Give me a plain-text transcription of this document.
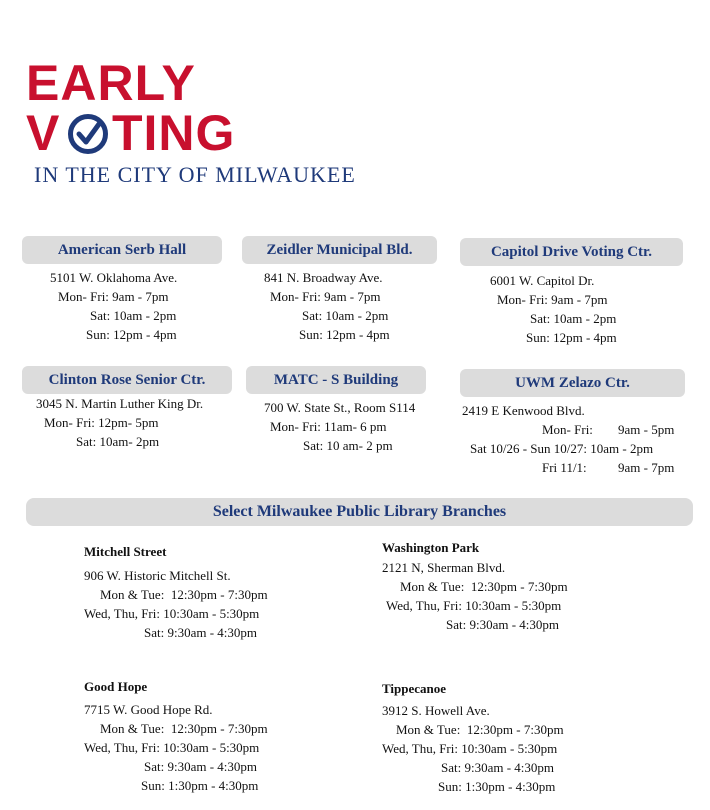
EARLY
V TING
IN THE CITY OF MILWAUKEE
American Serb Hall
5101 W. Oklahoma Ave.
Mon- Fri: 9am - 7pm
Sat: 10am - 2pm
Sun: 12pm - 4pm
Zeidler Municipal Bld.
841 N. Broadway Ave.
Mon- Fri: 9am - 7pm
Sat: 10am - 2pm
Sun: 12pm - 4pm
Capitol Drive Voting Ctr.
6001 W. Capitol Dr.
Mon- Fri: 9am - 7pm
Sat: 10am - 2pm
Sun: 12pm - 4pm
Clinton Rose Senior Ctr.
3045 N. Martin Luther King Dr.
Mon- Fri: 12pm- 5pm
Sat: 10am- 2pm
MATC - S Building
700 W. State St., Room S114
Mon- Fri: 11am- 6 pm
Sat: 10 am- 2 pm
UWM Zelazo Ctr.
2419 E Kenwood Blvd.
Mon- Fri: 9am - 5pm
Sat 10/26 - Sun 10/27: 10am - 2pm
Fri 11/1: 9am - 7pm
Select Milwaukee Public Library Branches
Mitchell Street
906 W. Historic Mitchell St.
Mon & Tue: 12:30pm - 7:30pm
Wed, Thu, Fri: 10:30am - 5:30pm
Sat: 9:30am - 4:30pm
Washington Park
2121 N, Sherman Blvd.
Mon & Tue: 12:30pm - 7:30pm
Wed, Thu, Fri: 10:30am - 5:30pm
Sat: 9:30am - 4:30pm
Good Hope
7715 W. Good Hope Rd.
Mon & Tue: 12:30pm - 7:30pm
Wed, Thu, Fri: 10:30am - 5:30pm
Sat: 9:30am - 4:30pm
Sun: 1:30pm - 4:30pm
Tippecanoe
3912 S. Howell Ave.
Mon & Tue: 12:30pm - 7:30pm
Wed, Thu, Fri: 10:30am - 5:30pm
Sat: 9:30am - 4:30pm
Sun: 1:30pm - 4:30pm
